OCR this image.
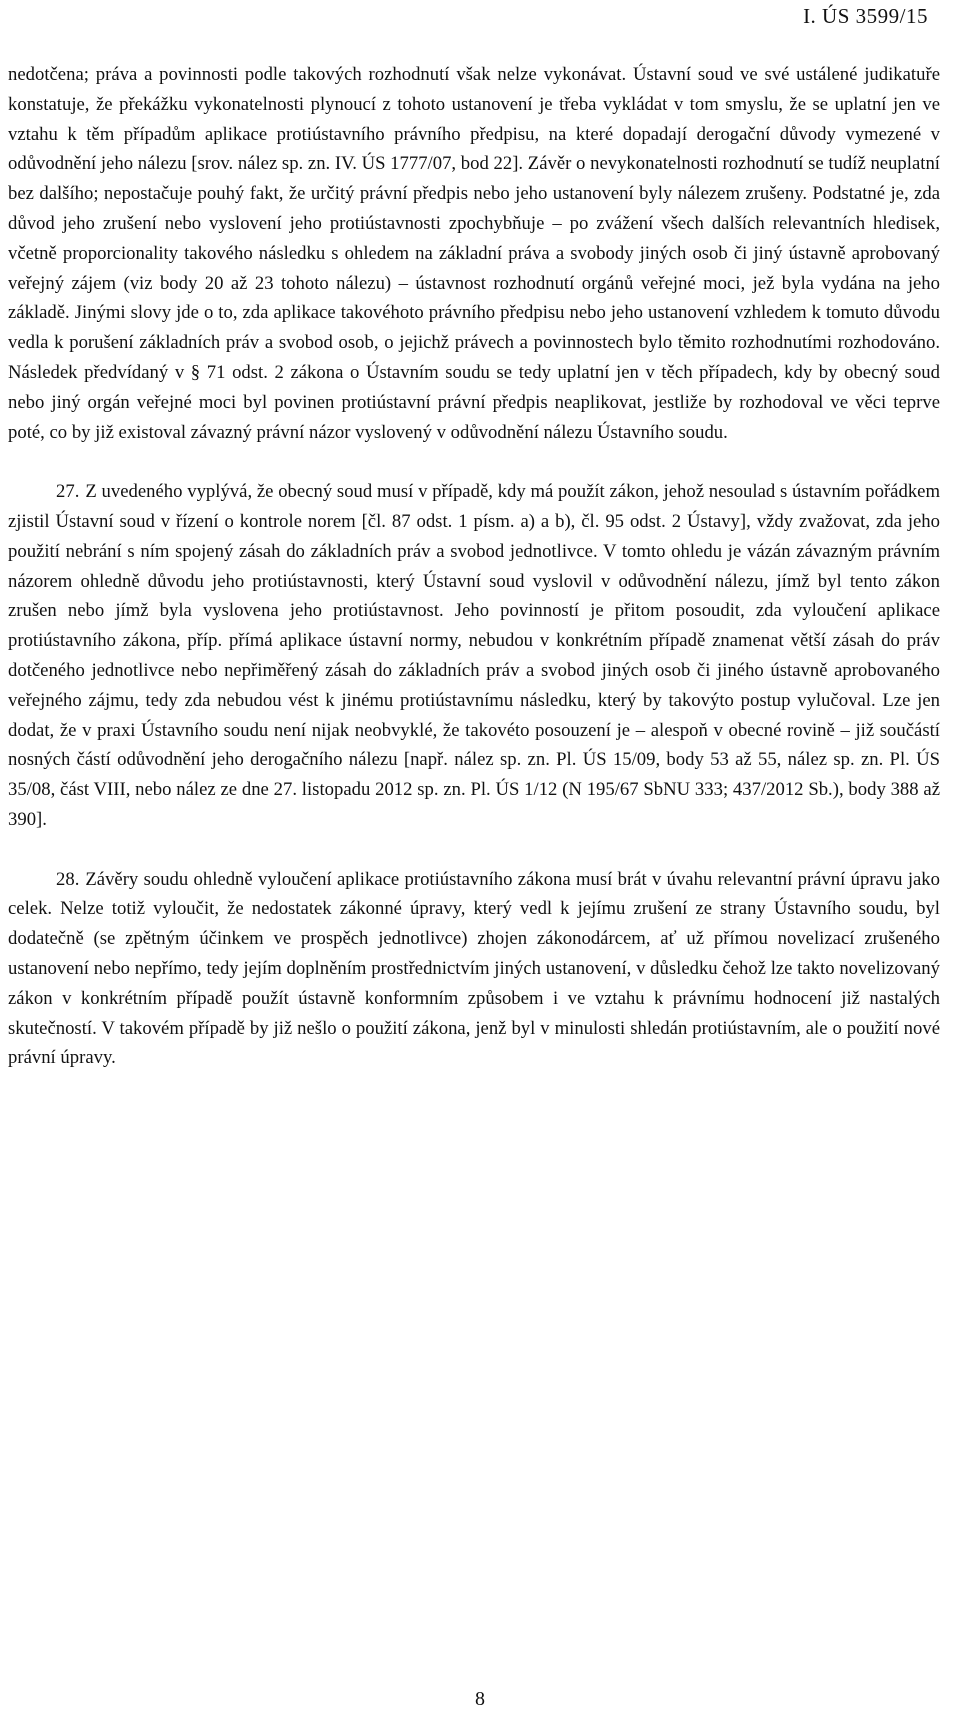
I. ÚS 3599/15

nedotčena; práva a povinnosti podle takových rozhodnutí však nelze vykonávat. Ústavní soud ve své ustálené judikatuře konstatuje, že překážku vykonatelnosti plynoucí z tohoto ustanovení je třeba vykládat v tom smyslu, že se uplatní jen ve vztahu k těm případům aplikace protiústavního právního předpisu, na které dopadají derogační důvody vymezené v odůvodnění jeho nálezu [srov. nález sp. zn. IV. ÚS 1777/07, bod 22]. Závěr o nevykonatelnosti rozhodnutí se tudíž neuplatní bez dalšího; nepostačuje pouhý fakt, že určitý právní předpis nebo jeho ustanovení byly nálezem zrušeny. Podstatné je, zda důvod jeho zrušení nebo vyslovení jeho protiústavnosti zpochybňuje – po zvážení všech dalších relevantních hledisek, včetně proporcionality takového následku s ohledem na základní práva a svobody jiných osob či jiný ústavně aprobovaný veřejný zájem (viz body 20 až 23 tohoto nálezu) – ústavnost rozhodnutí orgánů veřejné moci, jež byla vydána na jeho základě. Jinými slovy jde o to, zda aplikace takovéhoto právního předpisu nebo jeho ustanovení vzhledem k tomuto důvodu vedla k porušení základních práv a svobod osob, o jejichž právech a povinnostech bylo těmito rozhodnutími rozhodováno. Následek předvídaný v § 71 odst. 2 zákona o Ústavním soudu se tedy uplatní jen v těch případech, kdy by obecný soud nebo jiný orgán veřejné moci byl povinen protiústavní právní předpis neaplikovat, jestliže by rozhodoval ve věci teprve poté, co by již existoval závazný právní názor vyslovený v odůvodnění nálezu Ústavního soudu.

27. Z uvedeného vyplývá, že obecný soud musí v případě, kdy má použít zákon, jehož nesoulad s ústavním pořádkem zjistil Ústavní soud v řízení o kontrole norem [čl. 87 odst. 1 písm. a) a b), čl. 95 odst. 2 Ústavy], vždy zvažovat, zda jeho použití nebrání s ním spojený zásah do základních práv a svobod jednotlivce. V tomto ohledu je vázán závazným právním názorem ohledně důvodu jeho protiústavnosti, který Ústavní soud vyslovil v odůvodnění nálezu, jímž byl tento zákon zrušen nebo jímž byla vyslovena jeho protiústavnost. Jeho povinností je přitom posoudit, zda vyloučení aplikace protiústavního zákona, příp. přímá aplikace ústavní normy, nebudou v konkrétním případě znamenat větší zásah do práv dotčeného jednotlivce nebo nepřiměřený zásah do základních práv a svobod jiných osob či jiného ústavně aprobovaného veřejného zájmu, tedy zda nebudou vést k jinému protiústavnímu následku, který by takovýto postup vylučoval. Lze jen dodat, že v praxi Ústavního soudu není nijak neobvyklé, že takovéto posouzení je – alespoň v obecné rovině – již součástí nosných částí odůvodnění jeho derogačního nálezu [např. nález sp. zn. Pl. ÚS 15/09, body 53 až 55, nález sp. zn. Pl. ÚS 35/08, část VIII, nebo nález ze dne 27. listopadu 2012 sp. zn. Pl. ÚS 1/12 (N 195/67 SbNU 333; 437/2012 Sb.), body 388 až 390].

28. Závěry soudu ohledně vyloučení aplikace protiústavního zákona musí brát v úvahu relevantní právní úpravu jako celek. Nelze totiž vyloučit, že nedostatek zákonné úpravy, který vedl k jejímu zrušení ze strany Ústavního soudu, byl dodatečně (se zpětným účinkem ve prospěch jednotlivce) zhojen zákonodárcem, ať už přímou novelizací zrušeného ustanovení nebo nepřímo, tedy jejím doplněním prostřednictvím jiných ustanovení, v důsledku čehož lze takto novelizovaný zákon v konkrétním případě použít ústavně konformním způsobem i ve vztahu k právnímu hodnocení již nastalých skutečností. V takovém případě by již nešlo o použití zákona, jenž byl v minulosti shledán protiústavním, ale o použití nové právní úpravy.

8
